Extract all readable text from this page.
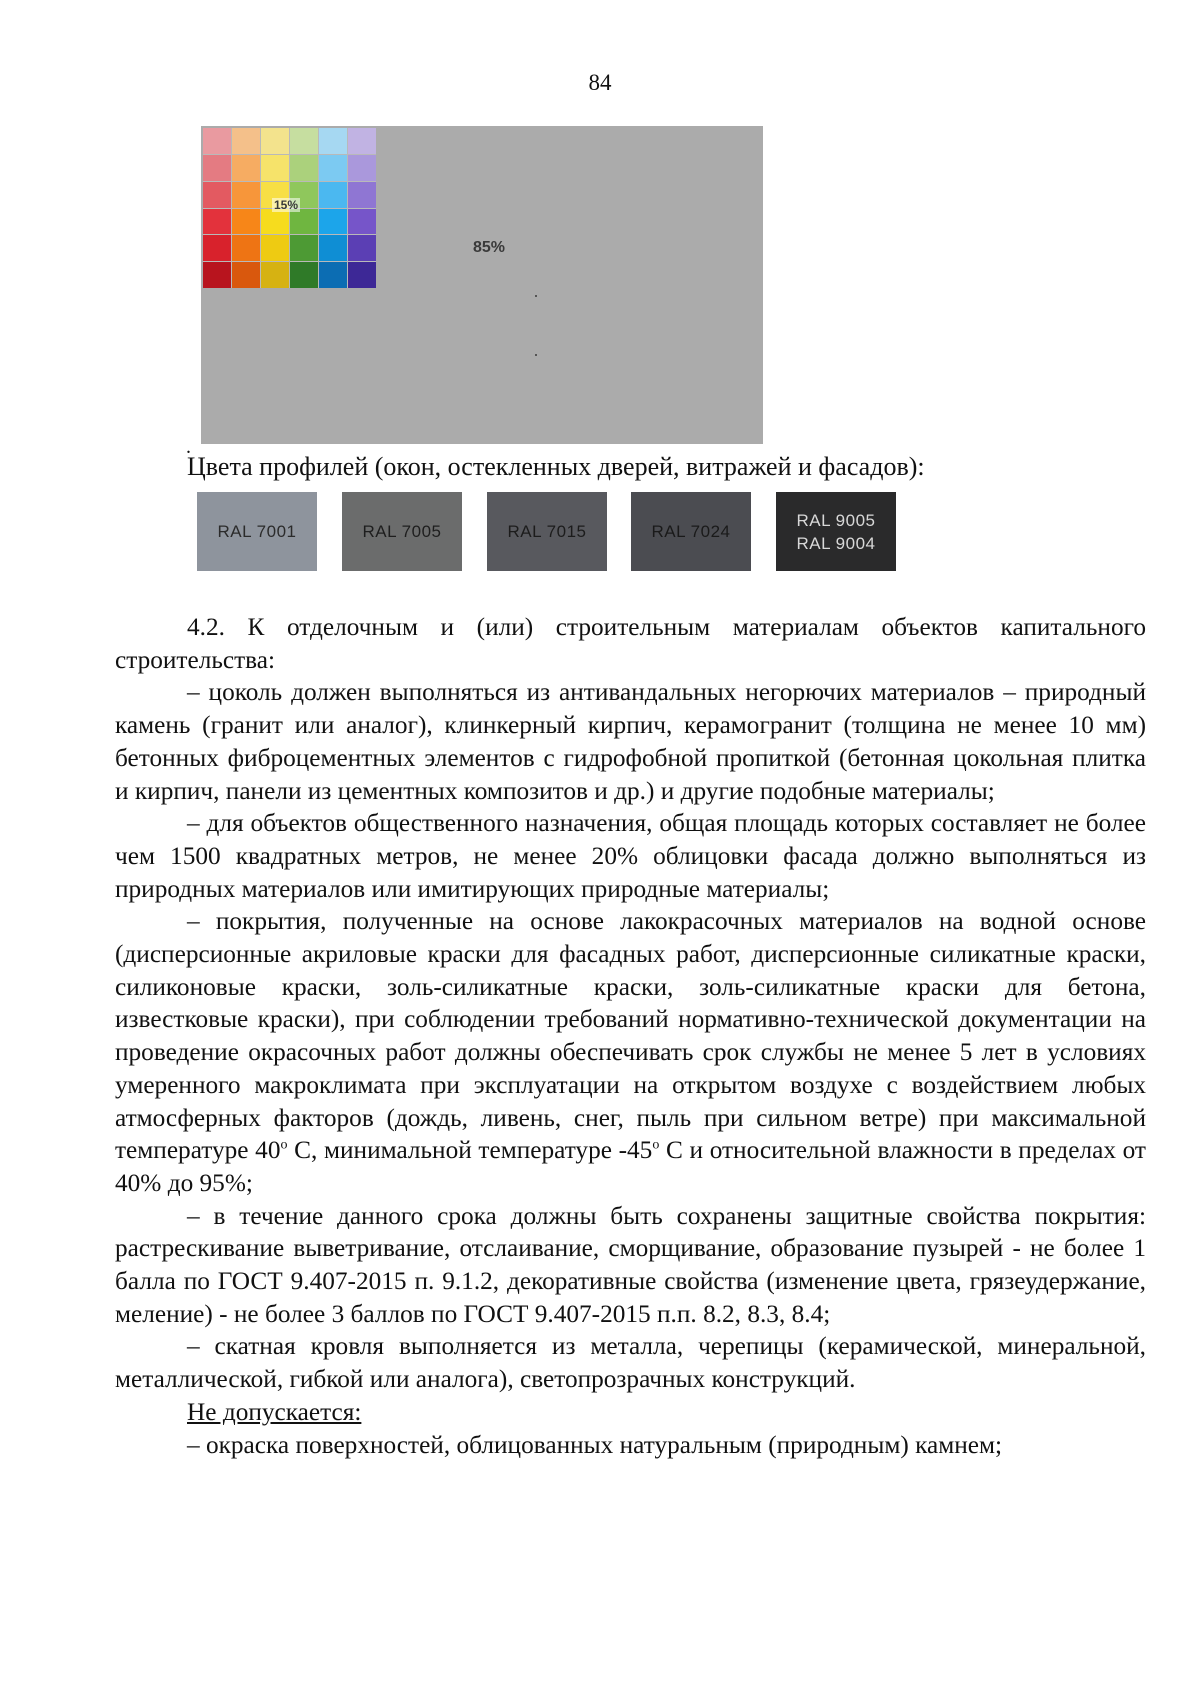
84
15%
85%
.
Цвета профилей (окон, остекленных дверей, витражей и фасадов):
RAL 7001	RAL 7005	RAL 7015	RAL 7024
RAL 9005
RAL 9004

4.2. К отделочным и (или) строительным материалам объектов капитального строительства:

– цоколь должен выполняться из антивандальных негорючих материалов – природный камень (гранит или аналог), клинкерный кирпич, керамогранит (толщина не менее 10 мм) бетонных фиброцементных элементов с гидрофобной пропиткой (бетонная цокольная плитка и кирпич, панели из цементных композитов и др.) и другие подобные материалы;

– для объектов общественного назначения, общая площадь которых составляет не более чем 1500 квадратных метров, не менее 20% облицовки фасада должно выполняться из природных материалов или имитирующих природные материалы;

– покрытия, полученные на основе лакокрасочных материалов на водной основе (дисперсионные акриловые краски для фасадных работ, дисперсионные силикатные краски, силиконовые краски, золь-силикатные краски, золь-силикатные краски для бетона, известковые краски), при соблюдении требований нормативно-технической документации на проведение окрасочных работ должны обеспечивать срок службы не менее 5 лет в условиях умеренного макроклимата при эксплуатации на открытом воздухе с воздействием любых атмосферных факторов (дождь, ливень, снег, пыль при сильном ветре) при максимальной температуре 40$^o$ С, минимальной температуре -45$^o$ С и относительной влажности в пределах от 40% до 95%;

– в течение данного срока должны быть сохранены защитные свойства покрытия: растрескивание выветривание, отслаивание, сморщивание, образование пузырей - не более 1 балла по ГОСТ 9.407-2015 п. 9.1.2, декоративные свойства (изменение цвета, грязеудержание, меление) - не более 3 баллов по ГОСТ 9.407-2015 п.п. 8.2, 8.3, 8.4;

– скатная кровля выполняется из металла, черепицы (керамической, минеральной, металлической, гибкой или аналога), светопрозрачных конструкций.

Не допускается:

– окраска поверхностей, облицованных натуральным (природным) камнем;
